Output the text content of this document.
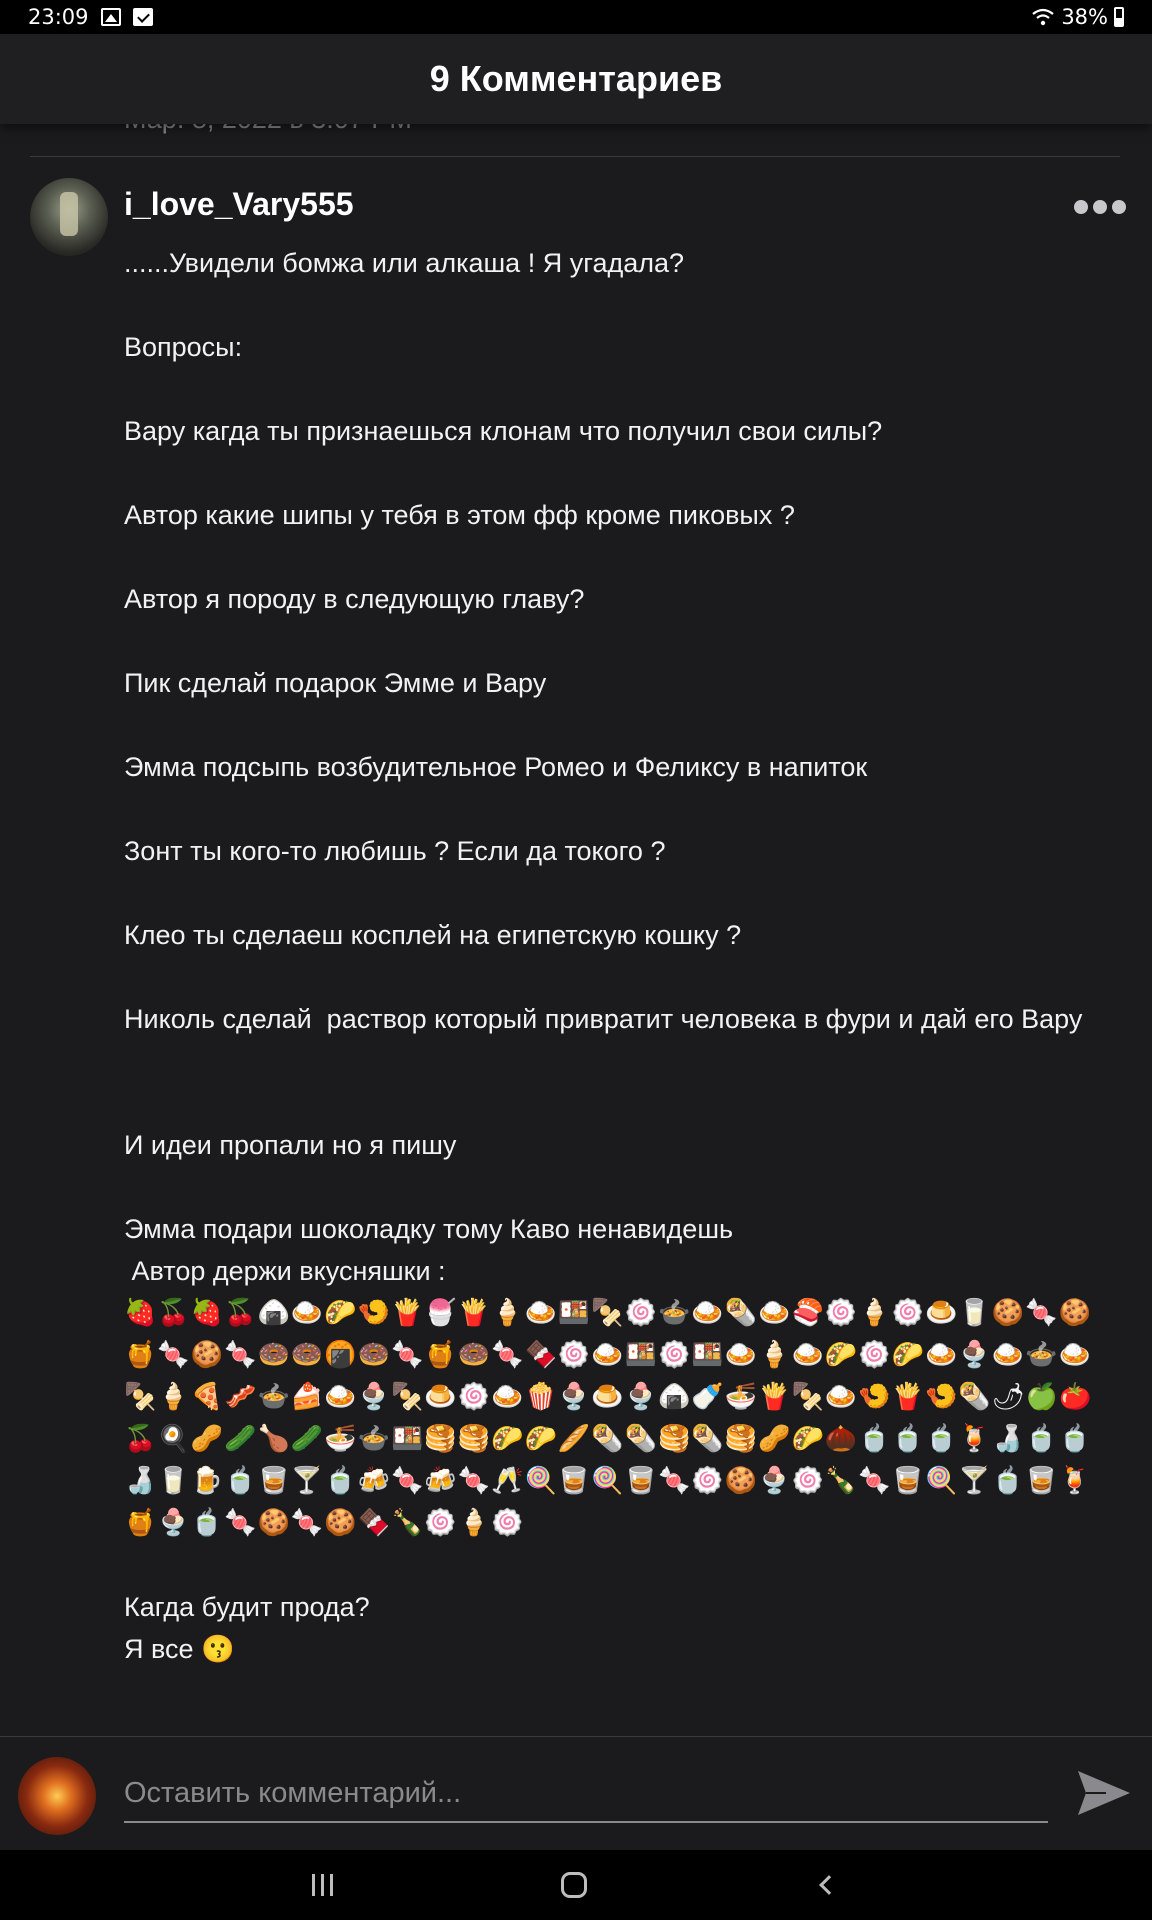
23:09	38%
9 Комментариев
i_love_Vary555

......Увидели бомжа или алкаша ! Я угадала?

Вопросы:

Вару кагда ты признаешься клонам что получил свои силы?

Автор какие шипы у тебя в этом фф кроме пиковых ?

Автор я породу в следующую главу?

Пик сделай подарок Эмме и Вару

Эмма подсыпь возбудительное Ромео и Феликсу в напиток

Зонт ты кого-то любишь ? Если да токого ?

Клео ты сделаеш косплей на египетскую кошку ?

Николь сделай  раствор который привратит человека в фури и дай его Вару

И идеи пропали но я пишу

Эмма подари шоколадку тому Каво ненавидешь

Автор держи вкусняшки :

🍓🍒🍓🍒🍙🍛🌮🍤🍟🍧🍟🍦🍛🍱🍢🍥🍲🍛🌯🍛🍣🍥🍦🍥🍮🥛🍪🍬🍪🍯🍬🍪🍬🍩🍩🍘🍩🍬🍯🍩🍬🍫🍥🍛🍱🍥🍱🍛🍦🍛🌮🍥🌮🍛🍨🍛🍲🍛🍢🍦🍕🥓🍲🍰🍛🍨🍢🍮🍥🍛🍿🍨🍮🍨🍙🍼🍜🍟🍢🍛🍤🍟🍤🌯🌶🍏🍅🍒🍳🥜🥒🍗🥒🍜🍲🍱🥞🥞🌮🌮🥖🌯🌯🥞🌯🥞🥜🌮🌰🍵🍵🍵🍹🍶🍵🍵🍶🥛🍺🍵🥃🍸🍵🍻🍬🍻🍬🥂🍭🥃🍭🥃🍬🍥🍪🍨🍥🍾🍬🥃🍭🍸🍵🥃🍹🍯🍨🍵🍬🍪🍬🍪🍫🍾🍥🍦🍥

Кагда будит прода?

Я все 😗

Оставить комментарий...
